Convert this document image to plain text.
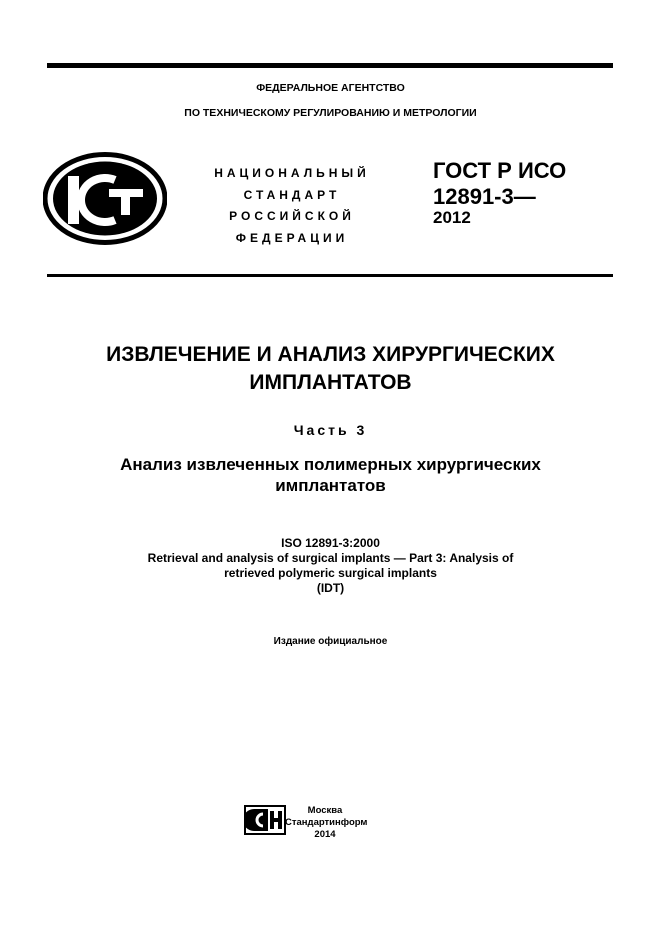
ФЕДЕРАЛЬНОЕ АГЕНТСТВО
ПО ТЕХНИЧЕСКОМУ РЕГУЛИРОВАНИЮ И МЕТРОЛОГИИ
НАЦИОНАЛЬНЫЙ
СТАНДАРТ
РОССИЙСКОЙ
ФЕДЕРАЦИИ
ГОСТ Р ИСО
12891-3—
2012
ИЗВЛЕЧЕНИЕ И АНАЛИЗ ХИРУРГИЧЕСКИХ
ИМПЛАНТАТОВ
Часть 3
Анализ извлеченных полимерных хирургических
имплантатов
ISO 12891-3:2000
Retrieval and analysis of surgical implants — Part 3: Analysis of
retrieved polymeric surgical implants
(IDT)
Издание официальное
Москва
Стандартинформ
2014
